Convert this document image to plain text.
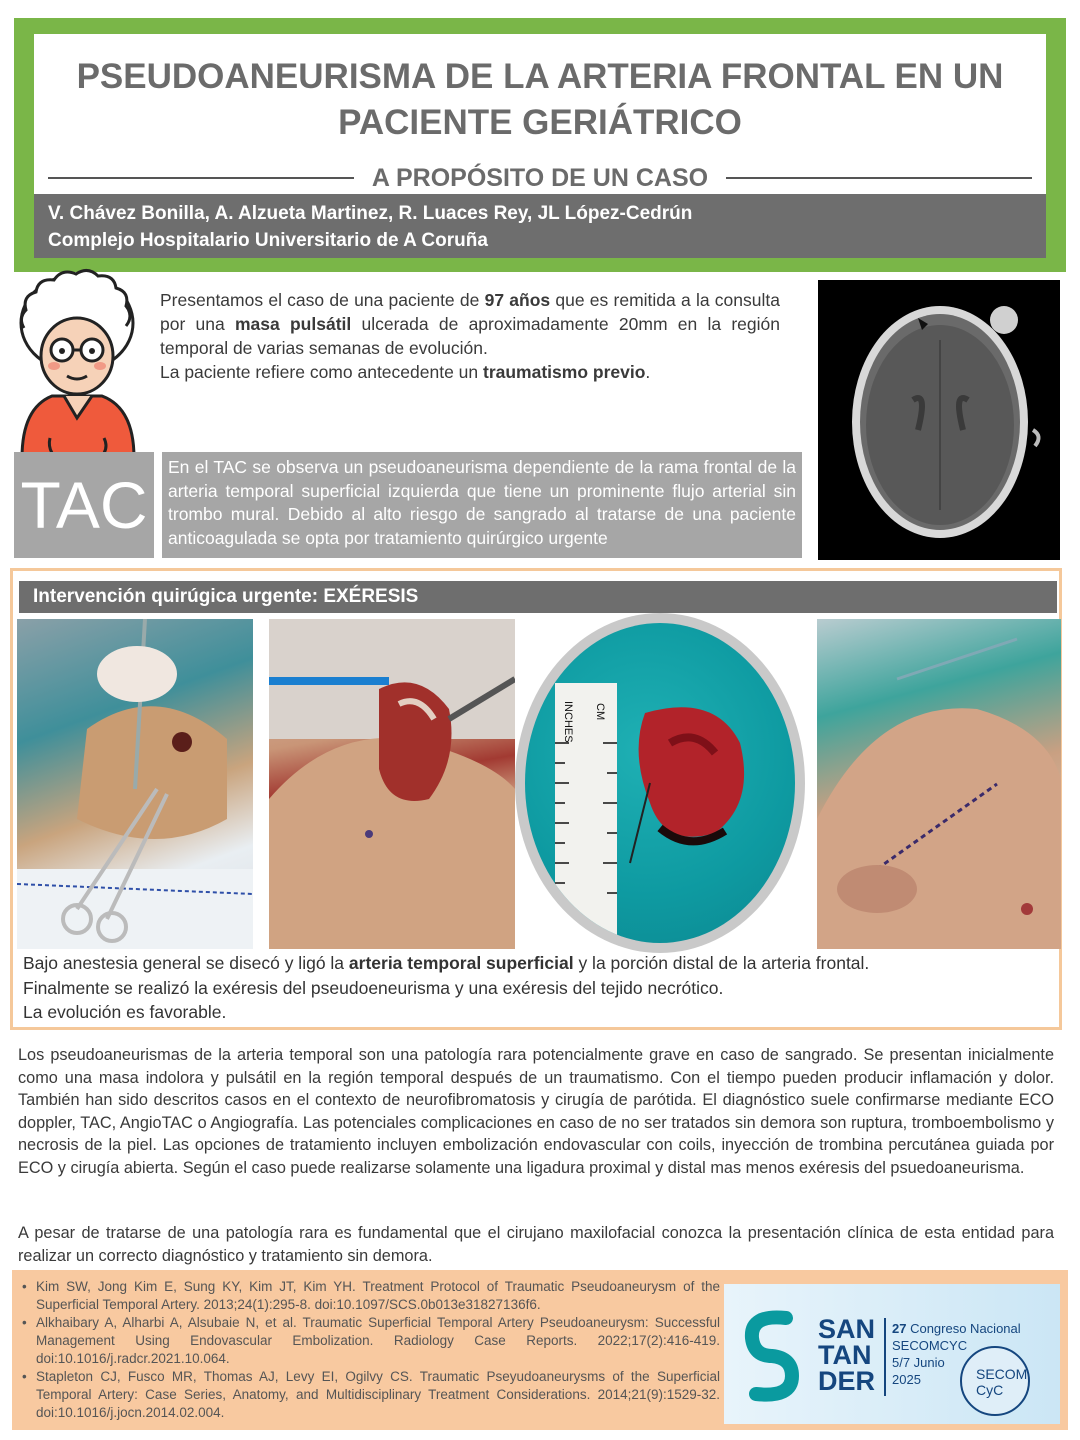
PSEUDOANEURISMA DE LA ARTERIA FRONTAL EN UN
PACIENTE GERIÁTRICO
A PROPÓSITO DE UN CASO
V. Chávez Bonilla, A. Alzueta Martinez, R. Luaces Rey, JL López-Cedrún
Complejo Hospitalario Universitario de A Coruña

Presentamos el caso de una paciente de 97 años que es remitida a la consulta por una masa pulsátil ulcerada de aproximadamente 20mm en la región temporal de varias semanas de evolución.

La paciente refiere como antecedente un traumatismo previo.

TAC
En el TAC se observa un pseudoaneurisma dependiente de la rama frontal de la arteria temporal superficial izquierda que tiene un prominente flujo arterial sin trombo mural. Debido al alto riesgo de sangrado al tratarse de una paciente anticoagulada se opta por tratamiento quirúrgico urgente
Intervención quirúgica urgente: EXÉRESIS
INCHES CM

Bajo anestesia general se disecó y ligó la arteria temporal superficial y la porción distal de la arteria frontal.

Finalmente se realizó la exéresis del pseudoeneurisma y una exéresis del tejido necrótico.

La evolución es favorable.

Los pseudoaneurismas de la arteria temporal son una patología rara potencialmente grave en caso de sangrado. Se presentan inicialmente como una masa indolora y pulsátil en la región temporal después de un traumatismo. Con el tiempo pueden producir inflamación y dolor. También han sido descritos casos en el contexto de neurofibromatosis y cirugía de parótida. El diagnóstico suele confirmarse mediante ECO doppler, TAC, AngioTAC o Angiografía. Las potenciales complicaciones en caso de no ser tratados sin demora son ruptura, tromboembolismo y necrosis de la piel. Las opciones de tratamiento incluyen embolización endovascular con coils, inyección de trombina percutánea guiada por ECO y cirugía abierta. Según el caso puede realizarse solamente una ligadura proximal y distal mas menos exéresis del psuedoaneurisma.

A pesar de tratarse de una patología rara es fundamental que el cirujano maxilofacial conozca la presentación clínica de esta entidad para realizar un correcto diagnóstico y tratamiento sin demora.

• Kim SW, Jong Kim E, Sung KY, Kim JT, Kim YH. Treatment Protocol of Traumatic Pseudoaneurysm of the Superficial Temporal Artery. 2013;24(1):295-8. doi:10.1097/SCS.0b013e31827136f6.
• Alkhaibary A, Alharbi A, Alsubaie N, et al. Traumatic Superficial Temporal Artery Pseudoaneurysm: Successful Management Using Endovascular Embolization. Radiology Case Reports. 2022;17(2):416-419. doi:10.1016/j.radcr.2021.10.064.
• Stapleton CJ, Fusco MR, Thomas AJ, Levy EI, Ogilvy CS. Traumatic Pseyudoaneurysms of the Superficial Temporal Artery: Case Series, Anatomy, and Multidisciplinary Treatment Considerations. 2014;21(9):1529-32. doi:10.1016/j.jocn.2014.02.004.
SAN
TAN
DER
27 Congreso Nacional
SECOMCYC
5/7 Junio
2025	SECOM
CyC
